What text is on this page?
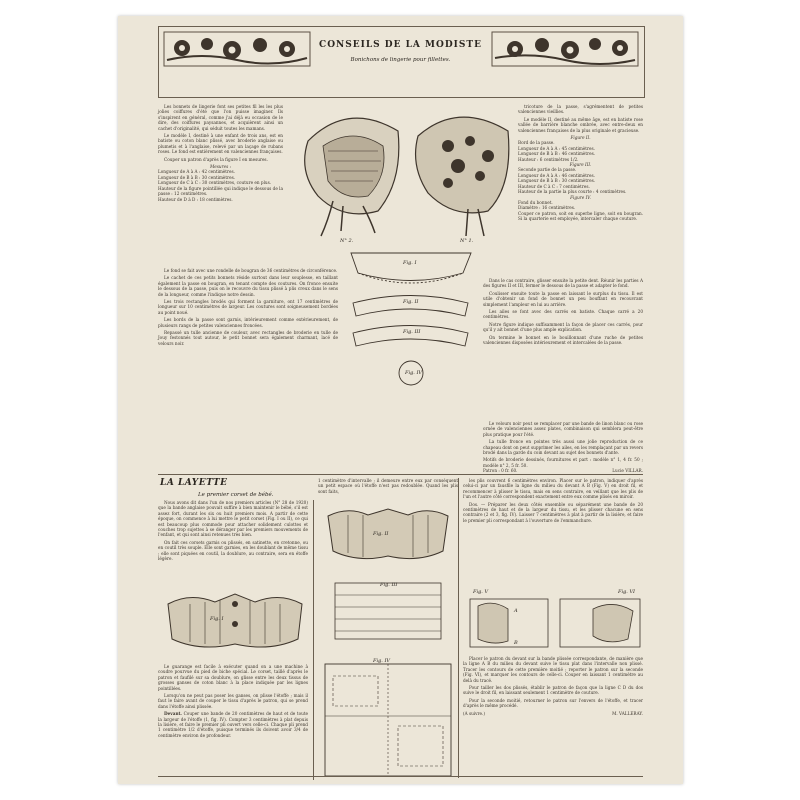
CONSEILS DE LA MODISTE
Bonichons de lingerie pour fillettes.

Les bonnets de lingerie font ses petites fil les les plus jolies coiffures d'été que l'on puisse imaginer. Ils s'inspirent en général, comme j'ai déjà eu occasion de le dire, des coiffures paysannes, et acquièrent ainsi un cachet d'originalité, qui séduit toutes les mamans.

Le modèle I, destiné à une enfant de trois ans, est en batiste ou coton blanc plissé, avec broderie anglaise ou plumetis et à l'anglaise, relevé par un laçage de rubans roses. Le fond est entièrement en valenciennes françaises.

Couper un patron d'après la figure I en mesures.

Mesures :
Longueur de A à A : 42 centimètres.
Longueur de B à B : 30 centimètres.
Longueur de C à C : 30 centimètres, couture en plus.
Hauteur de la figure pointillée qui indique le dessous de la passe : 12 centimètres.
Hauteur de D à D : 18 centimètres.

Le fond se fait avec une rondelle de bougran de 36 centimètres de circonférence.

Le cachet de ces petits bonnets réside surtout dans leur souplesse, en taillant également la passe en bougran, en tenant compte des coutures. On fronce ensuite le dessous de la passe, puis on le recouvre du tissu plissé à plis creux dans le sens de la longueur, comme l'indique notre dessin.

Les trois rectangles brodés qui forment la garniture, ont 17 centimètres de longueur sur 10 centimètres de largeur. Les coutures sont soigneusement bordées au point noué.

Les bords de la passe sont garnis, intérieurement comme extérieurement, de plusieurs rangs de petites valenciennes froncées.

Repassé un tulle ancienne de couleur, avec rectangles de broderie en tulle de Jouy festonnés tout autour, le petit bonnet sera également charmant, lacé de velours noir.

N° 2.	N° 1.
Fig. I
Fig. II
Fig. III
Fig. IV

tricoture de la passe, s'agrémentent de petites valenciennes vieillies.

Le modèle II, destiné au même âge, est en batiste rose vallée de barrière blanche ombrée, avec entre-deux en valenciennes françaises de la plus originale et gracieuse.

Figure II.
Bord de la passe.
Longueur de A à A : 45 centimètres.
Longueur de B à B : 46 centimètres.
Hauteur : 6 centimètres 1/2.
Figure III.
Seconde partie de la passe.
Longueur de A à A : 46 centimètres.
Longueur de B à B : 30 centimètres.
Hauteur de C à C : 7 centimètres.
Hauteur de la partie la plus courte : 4 centimètres.
Figure IV.
Fond du bonnet.
Diamètre : 16 centimètres.
Couper ce patron, soit en superbe ligne, soit en bougran. Si la quarterie est employée, intercaler chaque couture.

Dans le cas contraire, glisser ensuite la petite dent. Réunir les parties A des figures II et III, fermer le dessous de la passe et adapter le fond.

Coulisser ensuite toute la passe en laissant le surplus du tissu. Il est utile d'obtenir un fond de bonnet un peu bouffant en recouvrant simplement l'ampleur en lui au arrière.

Les ailes se font avec des carrés en batiste. Chaque carré a 20 centimètres.

Notre figure indique suffisamment la façon de placer ces carrés, pour qu'il y ait bonnet d'une plus ample explication.

On termine le bonnet en le bouillonnant d'une ruche de petites valenciennes disposées intérieurement et intercalées de la passe.

Le velours noir peut se remplacer par une bande de linon blanc ou rose ornée de valenciennes assez plates, combinaison qui semblera peut-être plus pratique pour l'été.

La tulle fronce en pointes très aussi une jolie reproduction de ce chapeau dont on peut supprimer les ailes, en les remplaçant par un revers brodé dans la garde du coin devant au sujet des bonnets d'ante.

Motifs de broderie dessinés, fournitures et part : modèle n° 1, 4 fr. 50 ; modèle n° 2, 5 fr. 50.
Patron : 0 fr. 60.	Lucie VILLAR.
LA LAYETTE
Le premier corset de bébé.

Nous avons dit dans l'un de nos premiers articles (N° 28 de 1920) que la bande anglaise pouvait suffire à bien maintenir le bébé, s'il est assez fort, durant les six ou huit premiers mois. A partir de cette époque, on commence à lui mettre le petit corset (Fig. I ou II), ce qui est beaucoup plus commode pour attacher solidement culottes et couches trop sujettes à se déranger par les premiers mouvements de l'enfant, et qui sont ainsi retenues très bien.

On fait ces corsets garnis ou plissés, en satinette, en cretonne, ou en coutil très souple. Elle sont garnies, en les doublant de même tissu ; elle sont piquées en coutil, la doublure, au contraire, sera en étoffe légère.

Fig. I

Le guarange est facile à exécuter quand on a une machine à coudre pourvue du pied de biche spécial. Le corset, taillé d'après le patron et faufilé sur sa doublure, on glisse entre les deux tissus de grosses ganses de coton blanc à la place indiquée par les lignes pointillées.

Lorsqu'on ne peut pas poser les ganses, on plisse l'étoffe ; mais il faut le faire avant de couper le tissu d'après le patron, qui se prend dans l'étoffe ainsi plissée.

Devant. Couper une bande de 20 centimètres de haut et de toute la largeur de l'étoffe (1, fig. IV). Compter 3 centimètres à plat depuis la lisière, et faire le premier pli ouvert vers celle-ci. Chaque pli prend 1 centimètre 1/2 d'étoffe, puisque terminés ils doivent avoir 3/4 de centimètre environ de profondeur.

1 centimètre d'intervalle ; il demeure entre eux par conséquent un petit espace où l'étoffe n'est pas redoublée. Quand les plis sont faits,
Fig. II
Fig. III
Fig. IV

les plis couvrent 6 centimètres environ. Placer sur le patron, indiquer d'après celui-ci par un fausfile la ligne du milieu du devant A B (Fig. V) en droit fil, et recommencer à plisser le tissu, mais en sens contraire, en veillant que les plis de l'un et l'autre côté correspondent exactement entre eux comme plisés en miroir.

Dos. — Préparer les deux côtés ensemble ou séparément une bande de 20 centimètres de haut et de la largeur du tissu, et les plisser chacune en sens contraire (2 et 3, fig. IV). Laisser 7 centimètres à plat à partir de la lisière, et faire le premier pli correspondant à l'ouverture de l'emmanchure.

Fig. V	Fig. VI
A
B

Placer le patron du devant sur la bande plissée correspondante, de manière que la ligne A B du milieu du devant suive le tissu plat dans l'intervalle non plissé. Tracer les contours de cette première moitié ; reporter le patron sur la seconde (Fig. VI), et marquer les contours de celle-ci. Couper en laissant 1 centimètre au delà du tracé.

Pour tailler les dos plissés, établir le patron de façon que la ligne C D du dos suive le droit fil, en laissant seulement 1 centimètre de couture.

Pour la seconde moitié, retourner le patron sur l'envers de l'étoffe, et tracer d'après le même procédé.

(A suivre.)	M. VALLERAY.
